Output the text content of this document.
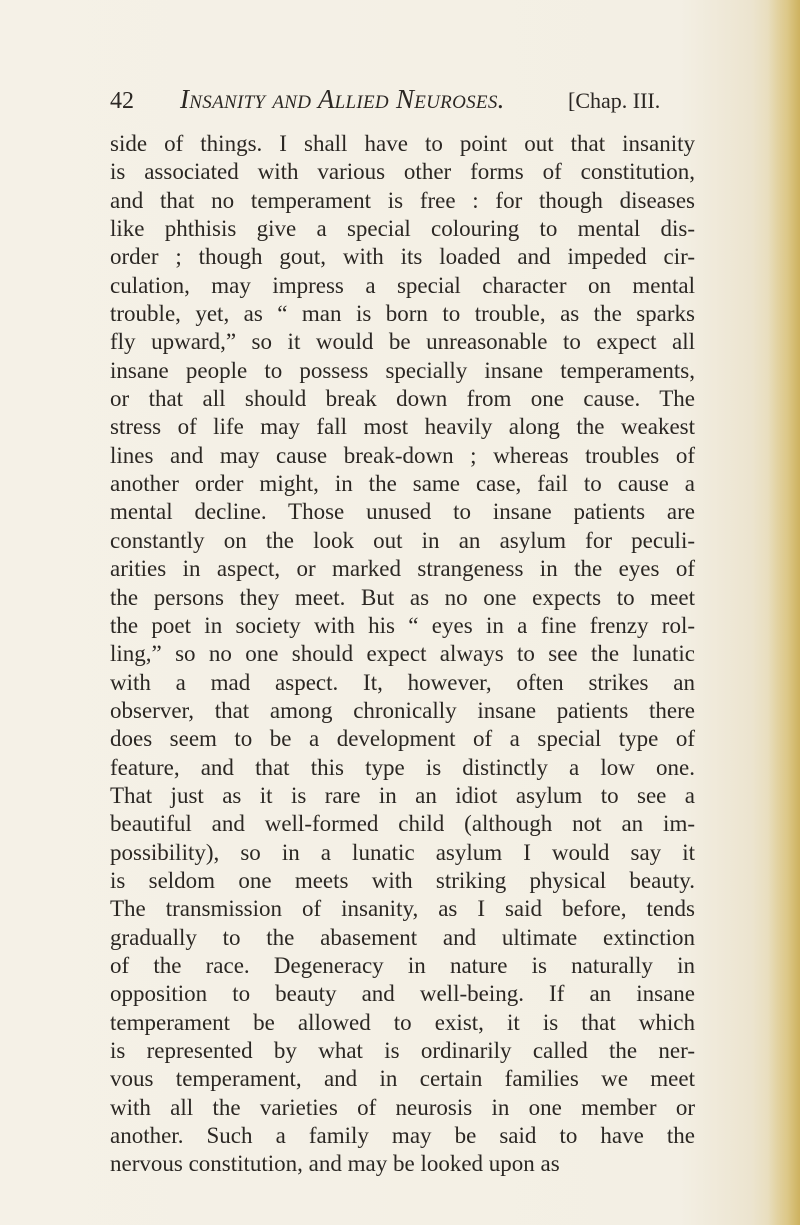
42 Insanity and Allied Neuroses.	[Chap. III.
side of things. I shall have to point out that insanity
is associated with various other forms of constitution,
and that no temperament is free : for though diseases
like phthisis give a special colouring to mental dis-
order ; though gout, with its loaded and impeded cir-
culation, may impress a special character on mental
trouble, yet, as “ man is born to trouble, as the sparks
fly upward,” so it would be unreasonable to expect all
insane people to possess specially insane temperaments,
or that all should break down from one cause. The
stress of life may fall most heavily along the weakest
lines and may cause break-down ; whereas troubles of
another order might, in the same case, fail to cause a
mental decline. Those unused to insane patients are
constantly on the look out in an asylum for peculi-
arities in aspect, or marked strangeness in the eyes of
the persons they meet. But as no one expects to meet
the poet in society with his “ eyes in a fine frenzy rol-
ling,” so no one should expect always to see the lunatic
with a mad aspect. It, however, often strikes an
observer, that among chronically insane patients there
does seem to be a development of a special type of
feature, and that this type is distinctly a low one.
That just as it is rare in an idiot asylum to see a
beautiful and well-formed child (although not an im-
possibility), so in a lunatic asylum I would say it
is seldom one meets with striking physical beauty.
The transmission of insanity, as I said before, tends
gradually to the abasement and ultimate extinction
of the race. Degeneracy in nature is naturally in
opposition to beauty and well-being. If an insane
temperament be allowed to exist, it is that which
is represented by what is ordinarily called the ner-
vous temperament, and in certain families we meet
with all the varieties of neurosis in one member or
another. Such a family may be said to have the
nervous constitution, and may be looked upon as
